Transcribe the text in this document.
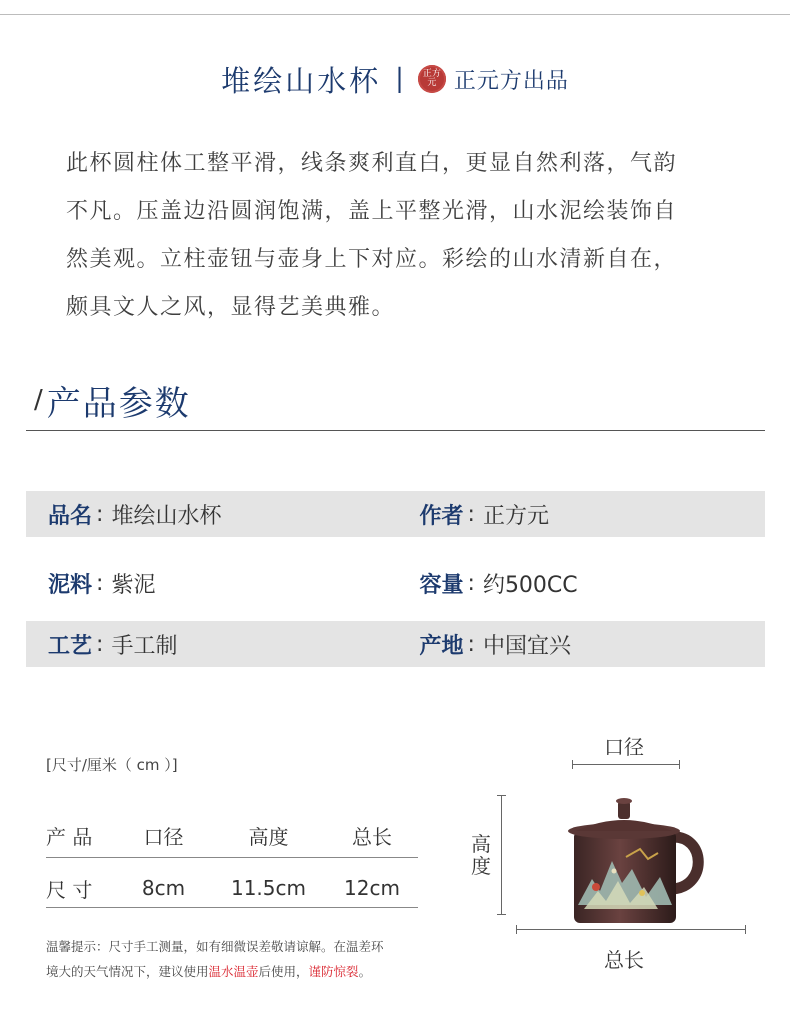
堆绘山水杯 | 正方元 正元方出品

此杯圆柱体工整平滑，线条爽利直白，更显自然利落，气韵

不凡。压盖边沿圆润饱满，盖上平整光滑，山水泥绘装饰自

然美观。立柱壶钮与壶身上下对应。彩绘的山水清新自在，

颇具文人之风，显得艺美典雅。

/ 产品参数
品名 : 堆绘山水杯	作者 : 正方元
泥料 : 紫泥	容量 : 约500CC
工艺 : 手工制	产地 : 中国宜兴
[尺寸/厘米（ cm ）]
产 品	口径	高度	总长
尺 寸	8cm	11.5cm	12cm
温馨提示：尺寸手工测量，如有细微误差敬请谅解。在温差环
境大的天气情况下，建议使用温水温壶后使用，谨防惊裂。
口径
高
度
总长
